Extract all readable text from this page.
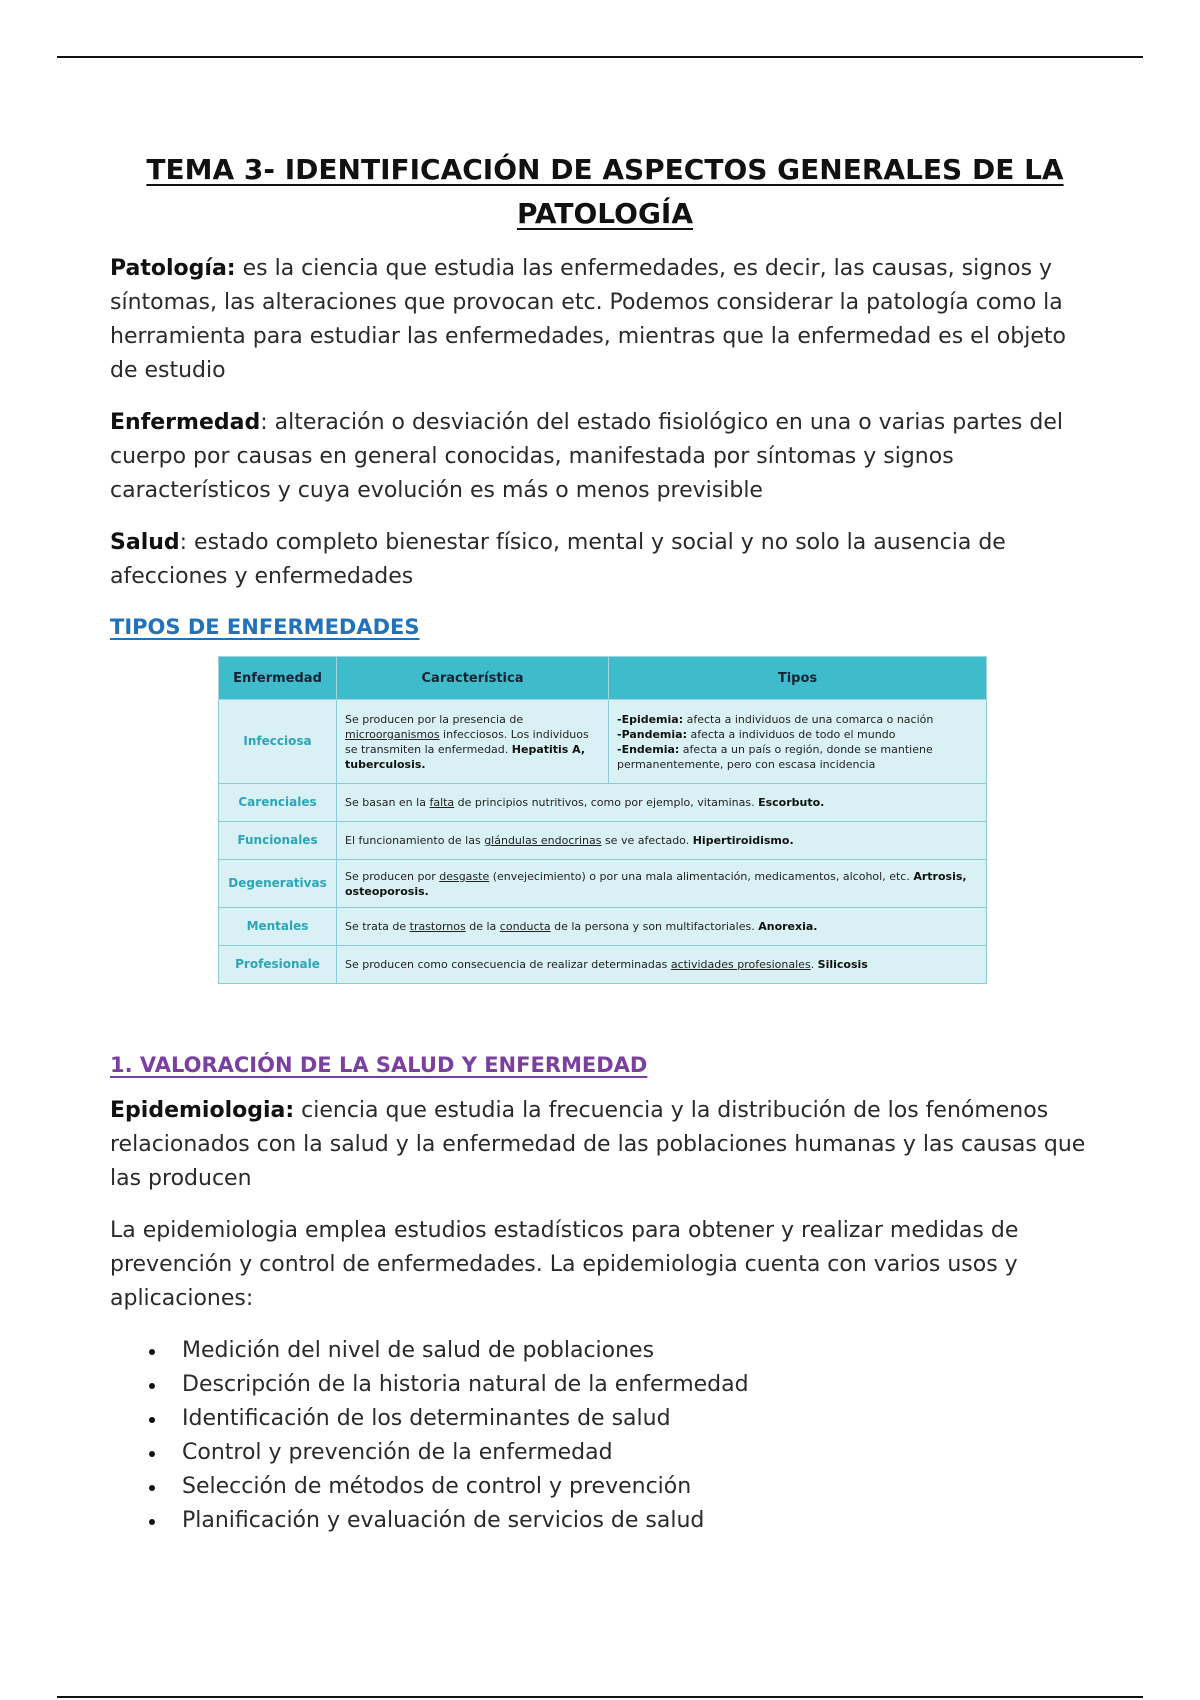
TEMA 3- IDENTIFICACIÓN DE ASPECTOS GENERALES DE LA
PATOLOGÍA

Patología: es la ciencia que estudia las enfermedades, es decir, las causas, signos y síntomas, las alteraciones que provocan etc. Podemos considerar la patología como la herramienta para estudiar las enfermedades, mientras que la enfermedad es el objeto de estudio

Enfermedad: alteración o desviación del estado fisiológico en una o varias partes del cuerpo por causas en general conocidas, manifestada por síntomas y signos característicos y cuya evolución es más o menos previsible

Salud: estado completo bienestar físico, mental y social y no solo la ausencia de afecciones y enfermedades

TIPOS DE ENFERMEDADES
Enfermedad	Característica	Tipos
Infecciosa	Se producen por la presencia de microorganismos infecciosos. Los individuos se transmiten la enfermedad. Hepatitis A, tuberculosis.	-Epidemia: afecta a individuos de una comarca o nación
-Pandemia: afecta a individuos de todo el mundo
-Endemia: afecta a un país o región, donde se mantiene permanentemente, pero con escasa incidencia

Carenciales	Se basan en la falta de principios nutritivos, como por ejemplo, vitaminas. Escorbuto.	
Funcionales	El funcionamiento de las glándulas endocrinas se ve afectado. Hipertiroidismo.	
Degenerativas	Se producen por desgaste (envejecimiento) o por una mala alimentación, medicamentos, alcohol, etc. Artrosis, osteoporosis.	
Mentales	Se trata de trastornos de la conducta de la persona y son multifactoriales. Anorexia.	
Profesionale	Se producen como consecuencia de realizar determinadas actividades profesionales. Silicosis	
1. VALORACIÓN DE LA SALUD Y ENFERMEDAD

Epidemiologia: ciencia que estudia la frecuencia y la distribución de los fenómenos relacionados con la salud y la enfermedad de las poblaciones humanas y las causas que las producen

La epidemiologia emplea estudios estadísticos para obtener y realizar medidas de prevención y control de enfermedades. La epidemiologia cuenta con varios usos y aplicaciones:

Medición del nivel de salud de poblaciones
Descripción de la historia natural de la enfermedad
Identificación de los determinantes de salud
Control y prevención de la enfermedad
Selección de métodos de control y prevención
Planificación y evaluación de servicios de salud
